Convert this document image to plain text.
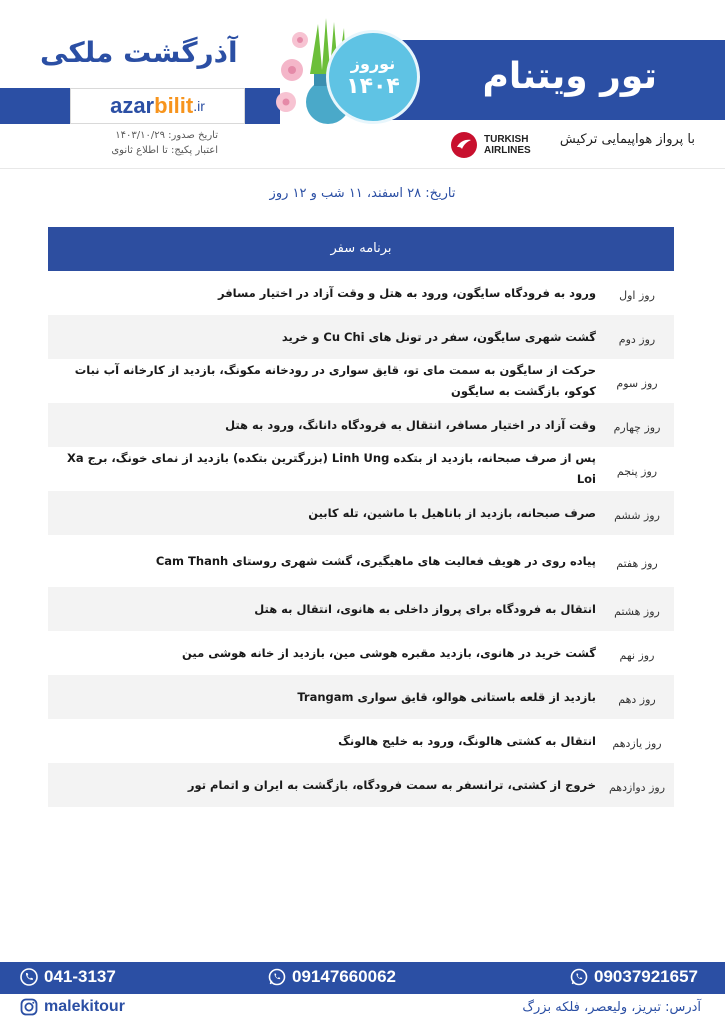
تور ویتنام
آذرگشت ملکی
azar bilit .ir
تاریخ صدور: ۱۴۰۳/۱۰/۲۹
اعتبار پکیج: تا اطلاع ثانوی
نوروز
۱۴۰۴
با پرواز هواپیمایی ترکیش
TURKISH
AIRLINES
تاریخ: ۲۸ اسفند، ۱۱ شب و ۱۲ روز
برنامه سفر
روز اول
ورود به فرودگاه سایگون، ورود به هتل و وقت آزاد در اختیار مسافر
روز دوم
گشت شهری سایگون، سفر در تونل های Cu Chi و خرید
روز سوم
حرکت از سایگون به سمت مای تو، قایق سواری در رودخانه مکونگ، بازدید از کارخانه آب نبات کوکو، بازگشت به سایگون
روز چهارم
وقت آزاد در اختیار مسافر، انتقال به فرودگاه دانانگ، ورود به هتل
روز پنجم
پس از صرف صبحانه، بازدید از بتکده Linh Ung (بزرگترین بتکده) بازدید از نمای خونگ، برج Xa Loi
روز ششم
صرف صبحانه، بازدید از باناهیل با ماشین، تله کابین
روز هفتم
پیاده روی در هویف فعالیت های ماهیگیری، گشت شهری روستای Cam Thanh
روز هشتم
انتقال به فرودگاه برای پرواز داخلی به هانوی، انتقال به هتل
روز نهم
گشت خرید در هانوی، بازدید مقبره هوشی مین، بازدید از خانه هوشی مین
روز دهم
بازدید از قلعه باستانی هوالو، قایق سواری Trangam
روز یازدهم
انتقال به کشتی هالونگ، ورود به خلیج هالونگ
روز دوازدهم
خروج از کشتی، ترانسفر به سمت فرودگاه، بازگشت به ایران و اتمام تور
041-3137	09147660062	09037921657
malekitour	آدرس: تبریز، ولیعصر، فلکه بزرگ
